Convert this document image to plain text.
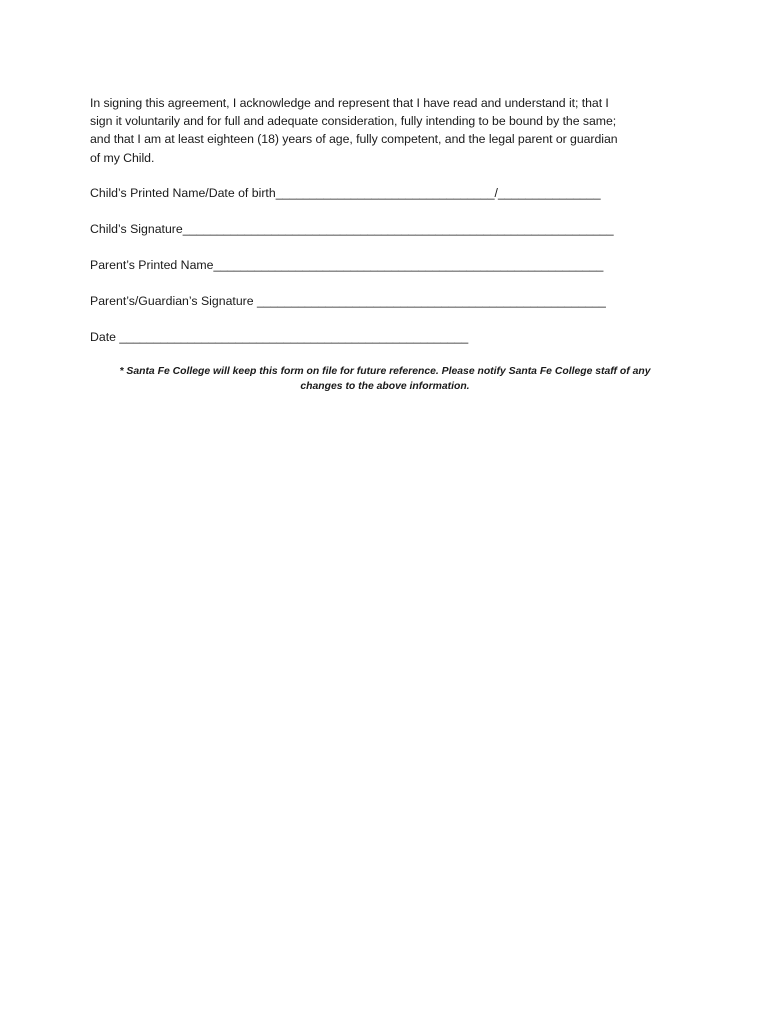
In signing this agreement, I acknowledge and represent that I have read and understand it; that I
sign it voluntarily and for full and adequate consideration, fully intending to be bound by the same;
and that I am at least eighteen (18) years of age, fully competent, and the legal parent or guardian
of my Child.

Child’s Printed Name/Date of birth________________________________/_______________
Child’s Signature_______________________________________________________________
Parent’s Printed Name_________________________________________________________
Parent’s/Guardian’s Signature ___________________________________________________
Date ___________________________________________________
* Santa Fe College will keep this form on file for future reference. Please notify Santa Fe College staff of any
changes to the above information.
